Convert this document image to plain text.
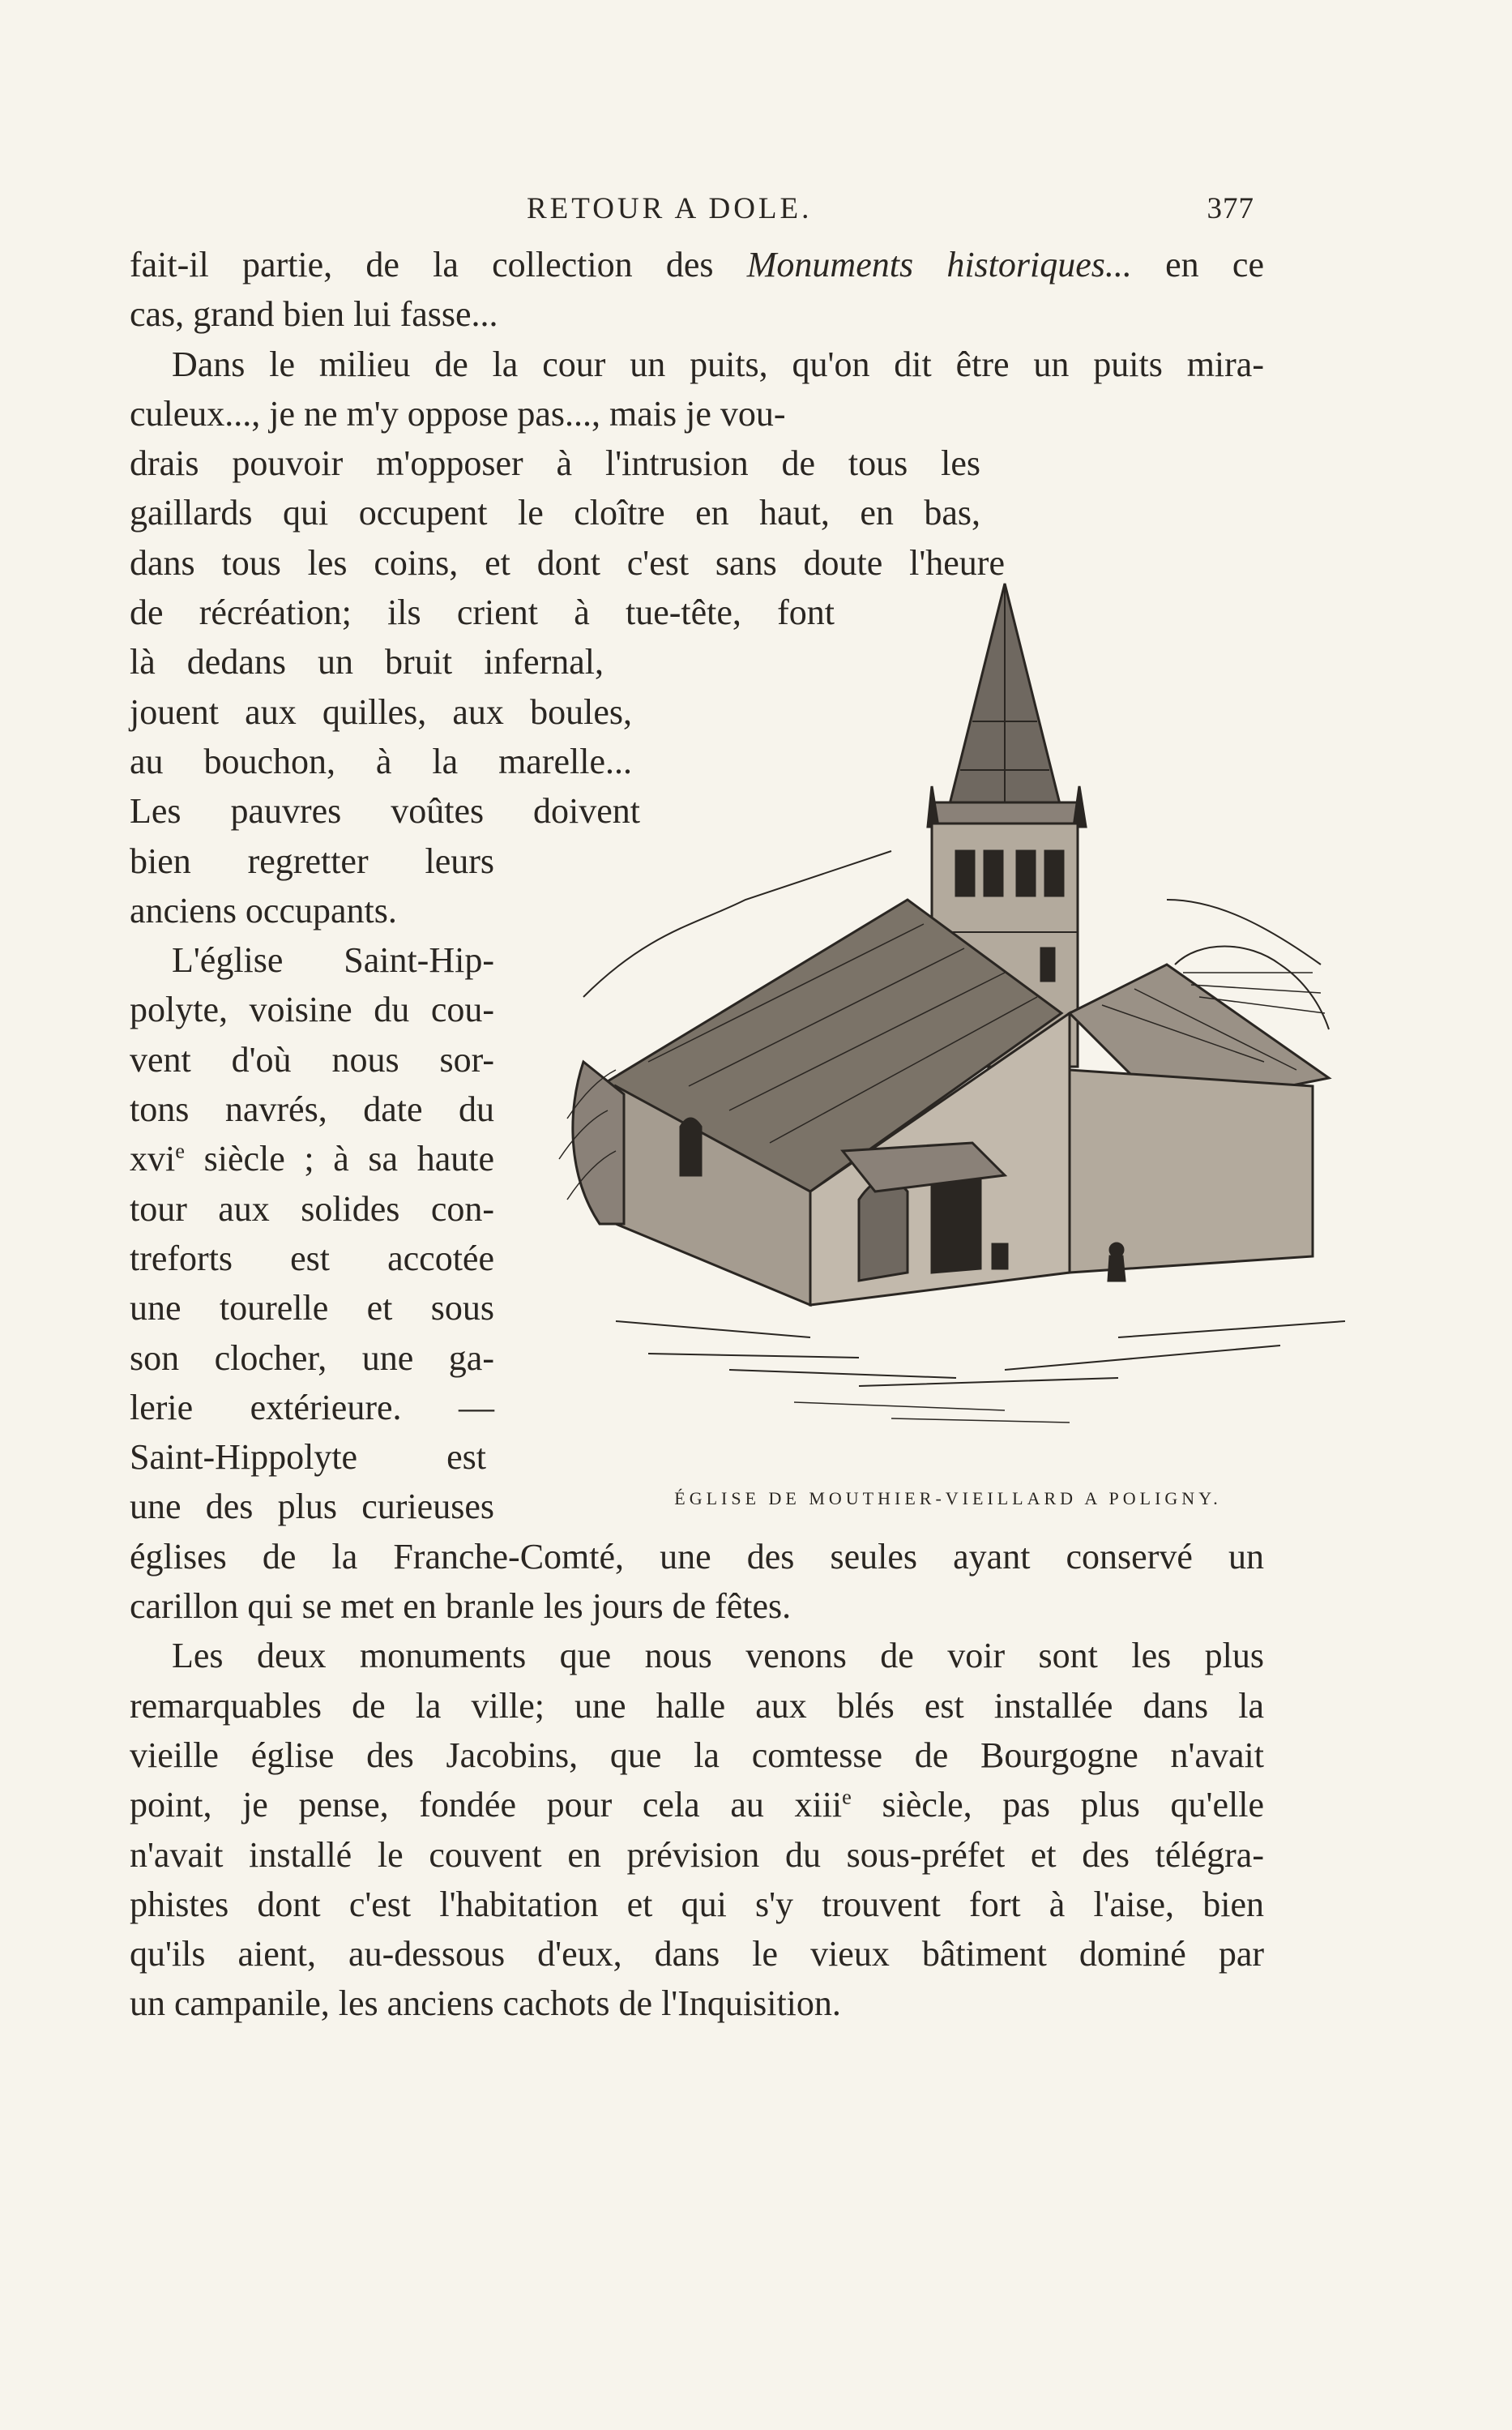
RETOUR A DOLE.	377
fait-il partie, de la collection des Monuments historiques... en ce
cas, grand bien lui fasse...
Dans le milieu de la cour un puits, qu'on dit être un puits mira-
culeux..., je ne m'y oppose pas..., mais je vou-
drais pouvoir m'opposer à l'intrusion de tous les
gaillards qui occupent le cloître en haut, en bas,
dans tous les coins, et dont c'est sans doute l'heure
de récréation; ils crient à tue-tête, font
là dedans un bruit infernal,
jouent aux quilles, aux boules,
au bouchon, à la marelle...
Les pauvres voûtes doivent
bien regretter leurs
anciens occupants.
L'église Saint-Hip-
polyte, voisine du cou-
vent d'où nous sor-
tons navrés, date du
xvi$^e$ siècle ; à sa haute
tour aux solides con-
treforts est accotée
une tourelle et sous
son clocher, une ga-
lerie extérieure. —
Saint-Hippolyte est
une des plus curieuses
églises de la Franche-Comté, une des seules ayant conservé un
carillon qui se met en branle les jours de fêtes.
Les deux monuments que nous venons de voir sont les plus
remarquables de la ville; une halle aux blés est installée dans la
vieille église des Jacobins, que la comtesse de Bourgogne n'avait
point, je pense, fondée pour cela au xiii$^e$ siècle, pas plus qu'elle
n'avait installé le couvent en prévision du sous-préfet et des télégra-
phistes dont c'est l'habitation et qui s'y trouvent fort à l'aise, bien
qu'ils aient, au-dessous d'eux, dans le vieux bâtiment dominé par
un campanile, les anciens cachots de l'Inquisition.
ÉGLISE DE MOUTHIER-VIEILLARD A POLIGNY.
